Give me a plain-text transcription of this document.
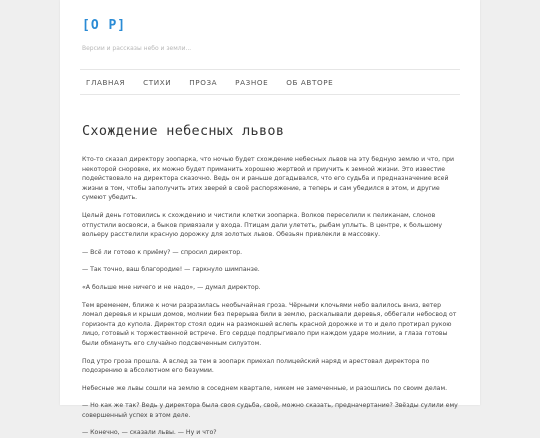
[O P]
Версии и рассказы небо и земли...
ГЛАВНАЯ	СТИХИ	ПРОЗА	РАЗНОЕ	ОБ АВТОРЕ
Схождение небесных львов

Кто-то сказал директору зоопарка, что ночью будет схождение небесных львов на эту бедную землю и что, при некоторой сноровке, их можно будет приманить хорошею жертвой и приучить к земной жизни. Это известие подействовало на директора сказочно. Ведь он и раньше догадывался, что его судьба и предназначение всей жизни в том, чтобы заполучить этих зверей в своё распоряжение, а теперь и сам убедился в этом, и другие сумеют убедить.

Целый день готовились к схождению и чистили клетки зоопарка. Волков переселили к пеликанам, слонов отпустили восвояси, а быков привязали у входа. Птицам дали улететь, рыбам уплыть. В центре, к большому вольеру расстелили красную дорожку для золотых львов. Обезьян привлекли в массовку.

— Всё ли готово к приёму? — спросил директор.

— Так точно, ваш благородие! — гаркнуло шимпанзе.

«А больше мне ничего и не надо», — думал директор.

Тем временем, ближе к ночи разразилась необычайная гроза. Чёрными клочьями небо валилось вниз, ветер ломал деревья и крыши домов, молнии без перерыва били в землю, раскалывали деревья, оббегали небосвод от горизонта до купола. Директор стоял один на размокшей вслепь красной дорожке и то и дело протирал рукою лицо, готовый к торжественной встрече. Его сердце подпрыгивало при каждом ударе молнии, а глаза готовы были обмануть его случайно подсвеченным силуэтом.

Под утро гроза прошла. А вслед за тем в зоопарк приехал полицейский наряд и арестовал директора по подозрению в абсолютном его безумии.

Небесные же львы сошли на землю в соседнем квартале, никем не замеченные, и разошлись по своим делам.

— Но как же так? Ведь у директора была своя судьба, своё, можно сказать, предначертание? Звёзды сулили ему совершенный успех в этом деле.

— Конечно, — сказали львы. — Ну и что?
